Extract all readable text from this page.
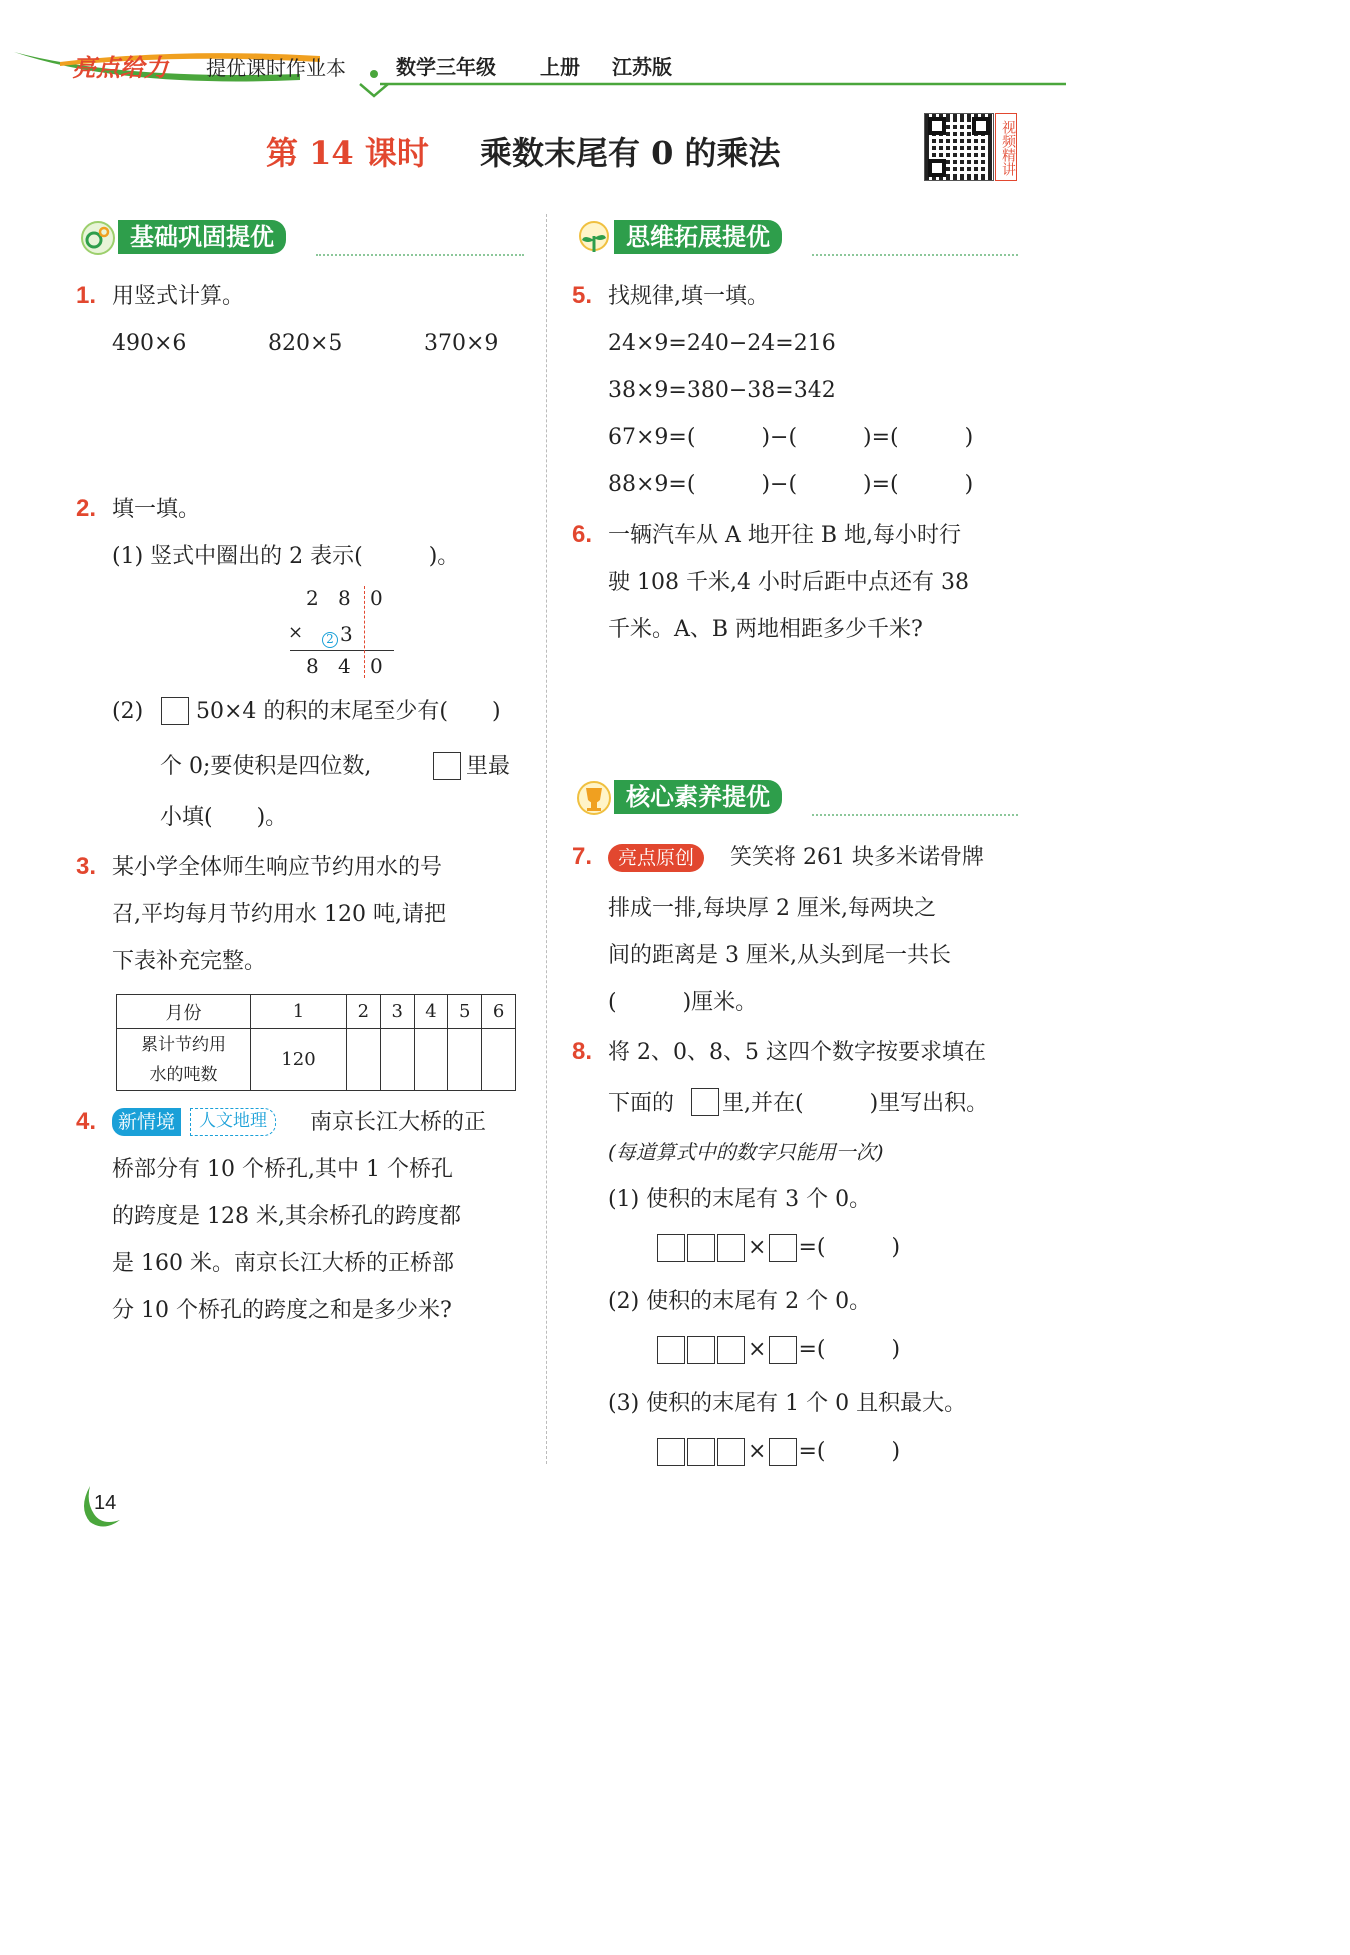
亮点给力 提优课时作业本	数学三年级 上册 江苏版
第 14 课时 乘数末尾有 0 的乘法	视频精讲
基础巩固提优	思维拓展提优
核心素养提优
1. 用竖式计算。
490×6	820×5	370×9
2. 填一填。
(1) 竖式中圈出的 2 表示(　　　)。
2 8 0
×	2 3
8 4 0
(2) 50×4 的积的末尾至少有(　　)
个 0;要使积是四位数,	里最
小填(　　)。
3. 某小学全体师生响应节约用水的号
召,平均每月节约用水 120 吨,请把
下表补充完整。
月份	1	2	3	4	5	6

累计节约用
水的吨数	120					
4.	新情境	人文地理	南京长江大桥的正
桥部分有 10 个桥孔,其中 1 个桥孔
的跨度是 128 米,其余桥孔的跨度都
是 160 米。南京长江大桥的正桥部
分 10 个桥孔的跨度之和是多少米?
5. 找规律,填一填。
24×9=240−24=216
38×9=380−38=342
67×9=(　　　)−(　　　)=(　　　)
88×9=(　　　)−(　　　)=(　　　)
6. 一辆汽车从 A 地开往 B 地,每小时行
驶 108 千米,4 小时后距中点还有 38
千米。A、B 两地相距多少千米?
7.	亮点原创	笑笑将 261 块多米诺骨牌
排成一排,每块厚 2 厘米,每两块之
间的距离是 3 厘米,从头到尾一共长
(　　　)厘米。
8. 将 2、0、8、5 这四个数字按要求填在
下面的 里,并在(　　　)里写出积。
(每道算式中的数字只能用一次)
(1) 使积的末尾有 3 个 0。
× =(　　　)
(2) 使积的末尾有 2 个 0。
× =(　　　)
(3) 使积的末尾有 1 个 0 且积最大。
× =(　　　)
14
